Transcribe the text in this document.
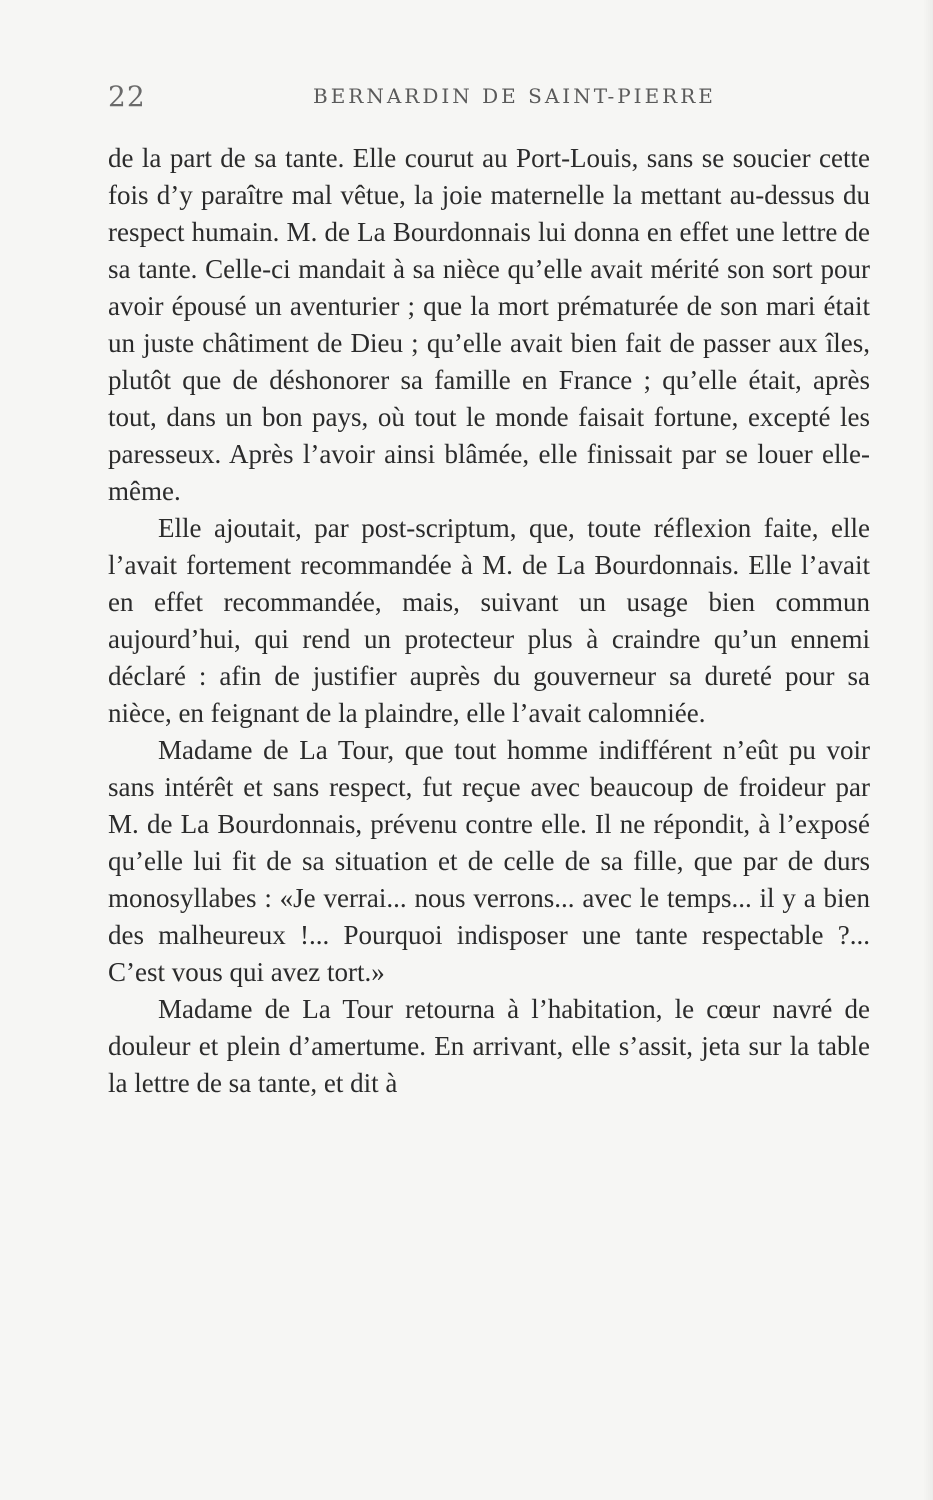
22	BERNARDIN DE SAINT-PIERRE

de la part de sa tante. Elle courut au Port-Louis, sans se soucier cette fois d’y paraître mal vêtue, la joie maternelle la mettant au-dessus du respect humain. M. de La Bourdonnais lui donna en effet une lettre de sa tante. Celle-ci mandait à sa nièce qu’elle avait mérité son sort pour avoir épousé un aventurier ; que la mort prématurée de son mari était un juste châtiment de Dieu ; qu’elle avait bien fait de passer aux îles, plutôt que de déshonorer sa famille en France ; qu’elle était, après tout, dans un bon pays, où tout le monde faisait fortune, excepté les paresseux. Après l’avoir ainsi blâmée, elle finissait par se louer elle-même.

Elle ajoutait, par post-scriptum, que, toute réflexion faite, elle l’avait fortement recommandée à M. de La Bourdonnais. Elle l’avait en effet recommandée, mais, suivant un usage bien commun aujourd’hui, qui rend un protecteur plus à craindre qu’un ennemi déclaré : afin de justifier auprès du gouverneur sa dureté pour sa nièce, en feignant de la plaindre, elle l’avait calomniée.

Madame de La Tour, que tout homme indifférent n’eût pu voir sans intérêt et sans respect, fut reçue avec beaucoup de froideur par M. de La Bourdonnais, prévenu contre elle. Il ne répondit, à l’exposé qu’elle lui fit de sa situation et de celle de sa fille, que par de durs monosyllabes : «Je verrai... nous verrons... avec le temps... il y a bien des malheureux !... Pourquoi indisposer une tante respectable ?... C’est vous qui avez tort.»

Madame de La Tour retourna à l’habitation, le cœur navré de douleur et plein d’amertume. En arrivant, elle s’assit, jeta sur la table la lettre de sa tante, et dit à
